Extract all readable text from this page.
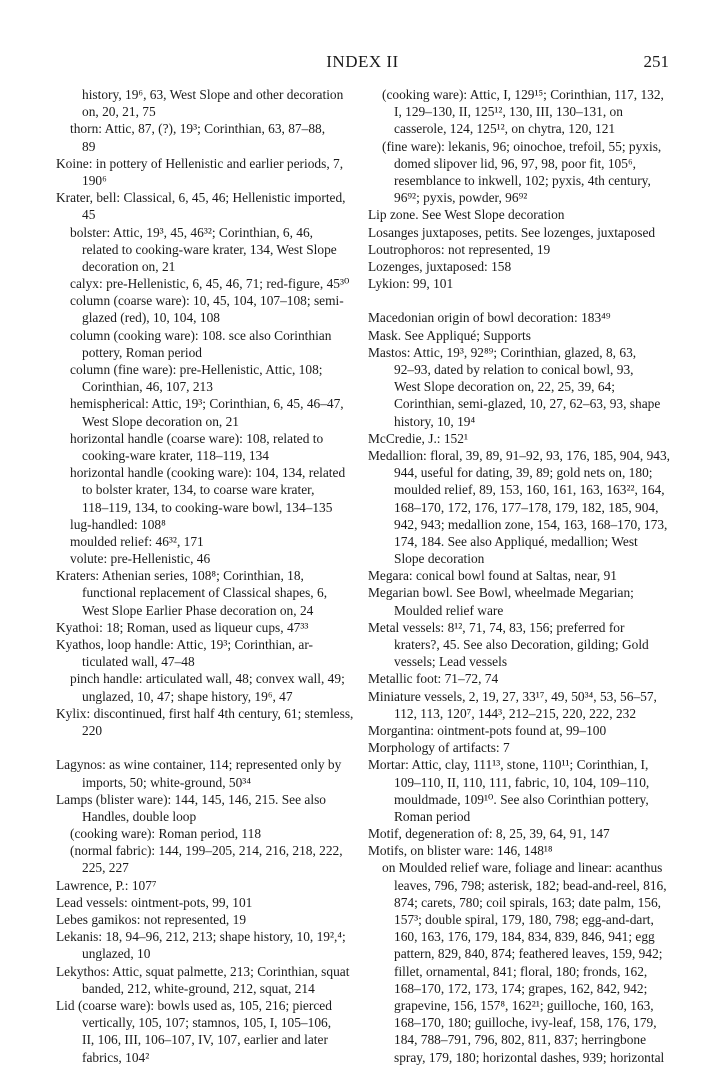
INDEX II	251
history, 19⁶, 63, West Slope and other decoration
on, 20, 21, 75
thorn: Attic, 87, (?), 19³; Corinthian, 63, 87–88,
89
Koine: in pottery of Hellenistic and earlier periods, 7,
190⁶
Krater, bell: Classical, 6, 45, 46; Hellenistic imported,
45
bolster: Attic, 19³, 45, 46³²; Corinthian, 6, 46,
related to cooking-ware krater, 134, West Slope
decoration on, 21
calyx: pre-Hellenistic, 6, 45, 46, 71; red-figure, 45³⁰
column (coarse ware): 10, 45, 104, 107–108; semi-
glazed (red), 10, 104, 108
column (cooking ware): 108. sce also Corinthian
pottery, Roman period
column (fine ware): pre-Hellenistic, Attic, 108;
Corinthian, 46, 107, 213
hemispherical: Attic, 19³; Corinthian, 6, 45, 46–47,
West Slope decoration on, 21
horizontal handle (coarse ware): 108, related to
cooking-ware krater, 118–119, 134
horizontal handle (cooking ware): 104, 134, related
to bolster krater, 134, to coarse ware krater,
118–119, 134, to cooking-ware bowl, 134–135
lug-handled: 108⁸
moulded relief: 46³², 171
volute: pre-Hellenistic, 46
Kraters: Athenian series, 108⁸; Corinthian, 18,
functional replacement of Classical shapes, 6,
West Slope Earlier Phase decoration on, 24
Kyathoi: 18; Roman, used as liqueur cups, 47³³
Kyathos, loop handle: Attic, 19³; Corinthian, ar-
ticulated wall, 47–48
pinch handle: articulated wall, 48; convex wall, 49;
unglazed, 10, 47; shape history, 19⁶, 47
Kylix: discontinued, first half 4th century, 61; stemless,
220
Lagynos: as wine container, 114; represented only by
imports, 50; white-ground, 50³⁴
Lamps (blister ware): 144, 145, 146, 215. See also
Handles, double loop
(cooking ware): Roman period, 118
(normal fabric): 144, 199–205, 214, 216, 218, 222,
225, 227
Lawrence, P.: 107⁷
Lead vessels: ointment-pots, 99, 101
Lebes gamikos: not represented, 19
Lekanis: 18, 94–96, 212, 213; shape history, 10, 19²,⁴;
unglazed, 10
Lekythos: Attic, squat palmette, 213; Corinthian, squat
banded, 212, white-ground, 212, squat, 214
Lid (coarse ware): bowls used as, 105, 216; pierced
vertically, 105, 107; stamnos, 105, I, 105–106,
II, 106, III, 106–107, IV, 107, earlier and later
fabrics, 104²
(cooking ware): Attic, I, 129¹⁵; Corinthian, 117, 132,
I, 129–130, II, 125¹², 130, III, 130–131, on
casserole, 124, 125¹², on chytra, 120, 121
(fine ware): lekanis, 96; oinochoe, trefoil, 55; pyxis,
domed slipover lid, 96, 97, 98, poor fit, 105⁶,
resemblance to inkwell, 102; pyxis, 4th century,
96⁹²; pyxis, powder, 96⁹²
Lip zone. See West Slope decoration
Losanges juxtaposes, petits. See lozenges, juxtaposed
Loutrophoros: not represented, 19
Lozenges, juxtaposed: 158
Lykion: 99, 101
Macedonian origin of bowl decoration: 183⁴⁹
Mask. See Appliqué; Supports
Mastos: Attic, 19³, 92⁸⁹; Corinthian, glazed, 8, 63,
92–93, dated by relation to conical bowl, 93,
West Slope decoration on, 22, 25, 39, 64;
Corinthian, semi-glazed, 10, 27, 62–63, 93, shape
history, 10, 19⁴
McCredie, J.: 152¹
Medallion: floral, 39, 89, 91–92, 93, 176, 185, 904, 943,
944, useful for dating, 39, 89; gold nets on, 180;
moulded relief, 89, 153, 160, 161, 163, 163²², 164,
168–170, 172, 176, 177–178, 179, 182, 185, 904,
942, 943; medallion zone, 154, 163, 168–170, 173,
174, 184. See also Appliqué, medallion; West
Slope decoration
Megara: conical bowl found at Saltas, near, 91
Megarian bowl. See Bowl, wheelmade Megarian;
Moulded relief ware
Metal vessels: 8¹², 71, 74, 83, 156; preferred for
kraters?, 45. See also Decoration, gilding; Gold
vessels; Lead vessels
Metallic foot: 71–72, 74
Miniature vessels, 2, 19, 27, 33¹⁷, 49, 50³⁴, 53, 56–57,
112, 113, 120⁷, 144³, 212–215, 220, 222, 232
Morgantina: ointment-pots found at, 99–100
Morphology of artifacts: 7
Mortar: Attic, clay, 111¹³, stone, 110¹¹; Corinthian, I,
109–110, II, 110, 111, fabric, 10, 104, 109–110,
mouldmade, 109¹⁰. See also Corinthian pottery,
Roman period
Motif, degeneration of: 8, 25, 39, 64, 91, 147
Motifs, on blister ware: 146, 148¹⁸
on Moulded relief ware, foliage and linear: acanthus
leaves, 796, 798; asterisk, 182; bead-and-reel, 816,
874; carets, 780; coil spirals, 163; date palm, 156,
157³; double spiral, 179, 180, 798; egg-and-dart,
160, 163, 176, 179, 184, 834, 839, 846, 941; egg
pattern, 829, 840, 874; feathered leaves, 159, 942;
fillet, ornamental, 841; floral, 180; fronds, 162,
168–170, 172, 173, 174; grapes, 162, 842, 942;
grapevine, 156, 157⁸, 162²¹; guilloche, 160, 163,
168–170, 180; guilloche, ivy-leaf, 158, 176, 179,
184, 788–791, 796, 802, 811, 837; herringbone
spray, 179, 180; horizontal dashes, 939; horizontal
